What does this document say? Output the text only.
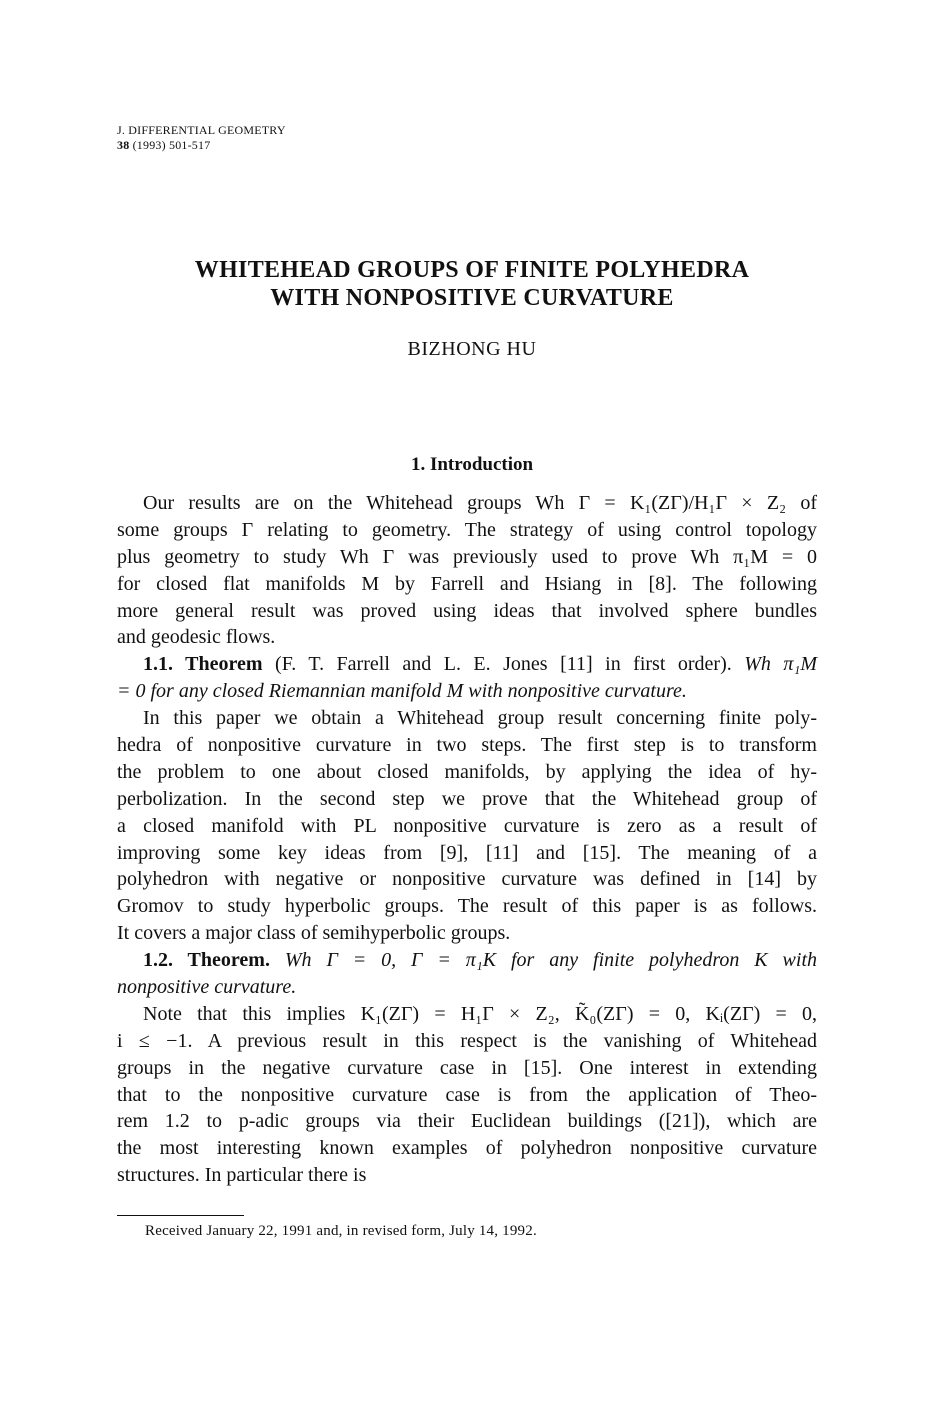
J. DIFFERENTIAL GEOMETRY
38 (1993) 501-517
WHITEHEAD GROUPS OF FINITE POLYHEDRA
WITH NONPOSITIVE CURVATURE
BIZHONG HU
1. Introduction
Our results are on the Whitehead groups Wh Γ = K₁(ZΓ)/H₁Γ × Z₂ of
some groups Γ relating to geometry. The strategy of using control topology
plus geometry to study Wh Γ was previously used to prove Wh π₁M = 0
for closed flat manifolds M by Farrell and Hsiang in [8]. The following
more general result was proved using ideas that involved sphere bundles
and geodesic flows.
1.1. Theorem (F. T. Farrell and L. E. Jones [11] in first order). Wh π₁M
= 0 for any closed Riemannian manifold M with nonpositive curvature.
In this paper we obtain a Whitehead group result concerning finite poly-
hedra of nonpositive curvature in two steps. The first step is to transform
the problem to one about closed manifolds, by applying the idea of hy-
perbolization. In the second step we prove that the Whitehead group of
a closed manifold with PL nonpositive curvature is zero as a result of
improving some key ideas from [9], [11] and [15]. The meaning of a
polyhedron with negative or nonpositive curvature was defined in [14] by
Gromov to study hyperbolic groups. The result of this paper is as follows.
It covers a major class of semihyperbolic groups.
1.2. Theorem. Wh Γ = 0, Γ = π₁K for any finite polyhedron K with
nonpositive curvature.
Note that this implies K₁(ZΓ) = H₁Γ × Z₂, K̃₀(ZΓ) = 0, Kᵢ(ZΓ) = 0,
i ≤ −1. A previous result in this respect is the vanishing of Whitehead
groups in the negative curvature case in [15]. One interest in extending
that to the nonpositive curvature case is from the application of Theo-
rem 1.2 to p-adic groups via their Euclidean buildings ([21]), which are
the most interesting known examples of polyhedron nonpositive curvature
structures. In particular there is
Received January 22, 1991 and, in revised form, July 14, 1992.
